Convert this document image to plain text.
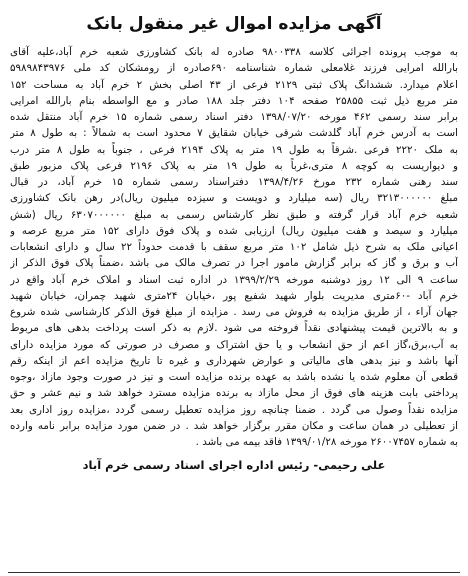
آگهی مزایده اموال غیر منقول بانک
به موجب پرونده اجرائی کلاسه ۹۸۰۰۳۳۸ صادره له بانک کشاورزی شعبه خرم آباد،علیه آقای
بارالله امرایی فرزند غلامعلی شماره شناسنامه ۶۹۰صادره از رومشکان کد ملی ۵۹۸۹۸۴۳۹۷۶
اعلام میدارد. ششدانگ پلاک ثبتی ۲۱۲۹ فرعی از ۴۳ اصلی بخش ۲ خرم آباد به مساحت ۱۵۲
متر مربع ذیل ثبت ۲۵۸۵۵ صفحه ۱۰۴ دفتر جلد ۱۸۸ صادر و مع الواسطه بنام بارالله امرایی
برابر سند رسمی ۴۶۲ مورخه ۱۳۹۸/۰۷/۲۰ دفتر اسناد رسمی شماره ۱۵ خرم آباد منتقل شده
است به آدرس خرم آباد گلدشت شرقی خیابان شقایق ۷ محدود است به شمالاً : به طول ۸ متر
به ملک ۲۲۲۰ فرعی .شرقاً به طول ۱۹ متر به پلاک ۲۱۹۴ فرعی ، جنوباً به طول ۸ متر درب
و دیواریست به کوچه ۸ متری،غرباً به طول ۱۹ متر به پلاک ۲۱۹۶ فرعی پلاک مزبور طبق
سند رهنی شماره ۲۳۲ مورخ ۱۳۹۸/۴/۲۶ دفتراسناد رسمی شماره ۱۵ خرم آباد، در قبال
مبلغ ۳۲۱۳۰۰۰۰۰۰ ریال (سه میلیارد و دویست و سیزده میلیون ریال)در رهن بانک کشاورزی
شعبه خرم آباد قرار گرفته و طبق نظر کارشناس رسمی به مبلغ ۶۳۰۷۰۰۰۰۰۰ ریال (شش
میلیارد و سیصد و هفت میلیون ریال) ارزیابی شده و پلاک فوق دارای ۱۵۲ متر مربع عرصه و
اعیانی ملک به شرح ذیل شامل ۱۰۲ متر مربع سقف با قدمت حدوداً ۲۲ سال و دارای انشعابات
آب و برق و گاز که برابر گزارش مامور اجرا در تصرف مالک می باشد ،ضمناً پلاک فوق الذکر از
ساعت ۹ الی ۱۲ روز دوشنبه مورخه ۱۳۹۹/۲/۲۹ در اداره ثبت اسناد و املاک خرم آباد واقع در
خرم آباد -۶۰متری مدیریت بلوار شهید شفیع پور ،خیابان ۲۴متری شهید چمران، خیابان شهید
جهان آراء ، از طریق مزایده به فروش می رسد . مزایده از مبلغ فوق الذکر کارشناسی شده شروع
و به بالاترین قیمت پیشنهادی نقداً فروخته می شود .لازم به ذکر است پرداخت بدهی های مربوط
به آب،برق،گاز اعم از حق انشعاب و یا حق اشتراک و مصرف در صورتی که مورد مزایده دارای
آنها باشد و نیز بدهی های مالیاتی و عوارض شهرداری و غیره تا تاریخ مزایده اعم از اینکه رقم
قطعی آن معلوم شده یا نشده باشد به عهده برنده مزایده است و نیز در صورت وجود مازاد ،وجوه
پرداختی بابت هزینه های فوق از محل مازاد به برنده مزایده مسترد خواهد شد و نیم عشر و حق
مزایده نقداً وصول می گردد . ضمنا چنانچه روز مزایده تعطیل رسمی گردد ،مزایده روز اداری بعد
از تعطیلی در همان ساعت و مکان مقرر برگزار خواهد شد . در ضمن مورد مزایده برابر نامه وارده
به شماره ۲۶۰۰۷۴۵۷ مورخه ۱۳۹۹/۰۱/۲۸ فاقد بیمه می باشد .
علی رحیمی- رئیس اداره اجرای اسناد رسمی خرم آباد
